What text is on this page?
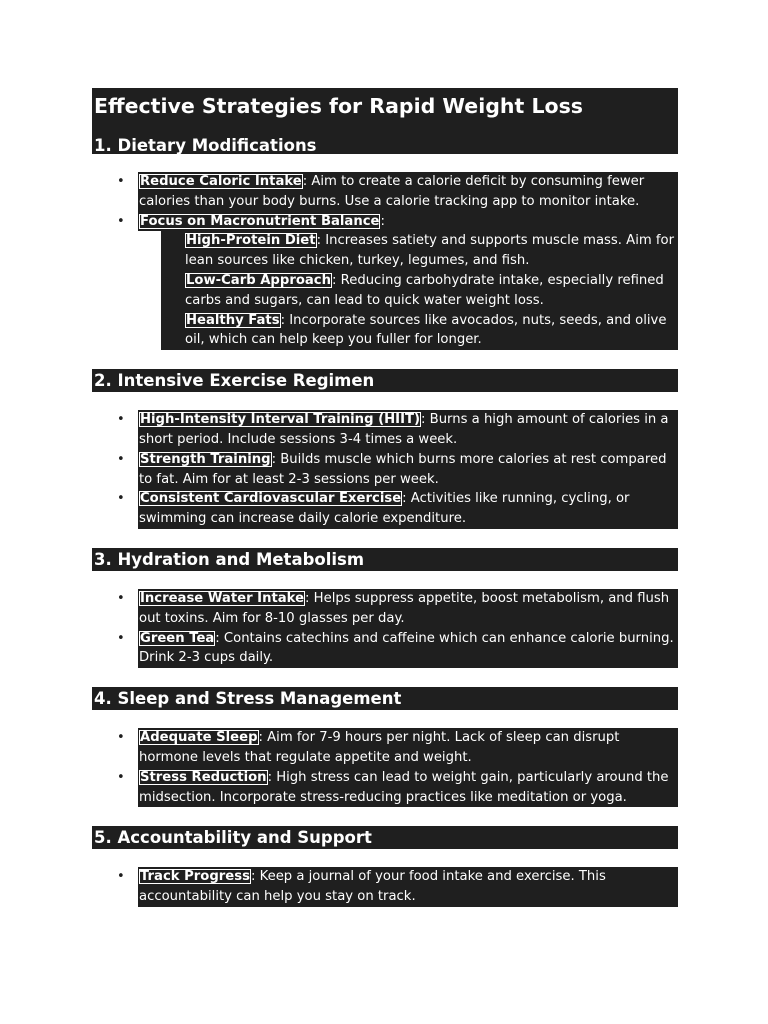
Effective Strategies for Rapid Weight Loss
1. Dietary Modifications
• Reduce Caloric Intake: Aim to create a calorie deficit by consuming fewer calories than your body burns. Use a calorie tracking app to monitor intake.
• Focus on Macronutrient Balance:
•	High-Protein Diet: Increases satiety and supports muscle mass. Aim for lean sources like chicken, turkey, legumes, and fish.
•	Low-Carb Approach: Reducing carbohydrate intake, especially refined carbs and sugars, can lead to quick water weight loss.
•	Healthy Fats: Incorporate sources like avocados, nuts, seeds, and olive oil, which can help keep you fuller for longer.
2. Intensive Exercise Regimen
• High-Intensity Interval Training (HIIT): Burns a high amount of calories in a short period. Include sessions 3-4 times a week.
• Strength Training: Builds muscle which burns more calories at rest compared to fat. Aim for at least 2-3 sessions per week.
• Consistent Cardiovascular Exercise: Activities like running, cycling, or swimming can increase daily calorie expenditure.
3. Hydration and Metabolism
• Increase Water Intake: Helps suppress appetite, boost metabolism, and flush out toxins. Aim for 8-10 glasses per day.
• Green Tea: Contains catechins and caffeine which can enhance calorie burning. Drink 2-3 cups daily.
4. Sleep and Stress Management
• Adequate Sleep: Aim for 7-9 hours per night. Lack of sleep can disrupt hormone levels that regulate appetite and weight.
• Stress Reduction: High stress can lead to weight gain, particularly around the midsection. Incorporate stress-reducing practices like meditation or yoga.
5. Accountability and Support
• Track Progress: Keep a journal of your food intake and exercise. This accountability can help you stay on track.
